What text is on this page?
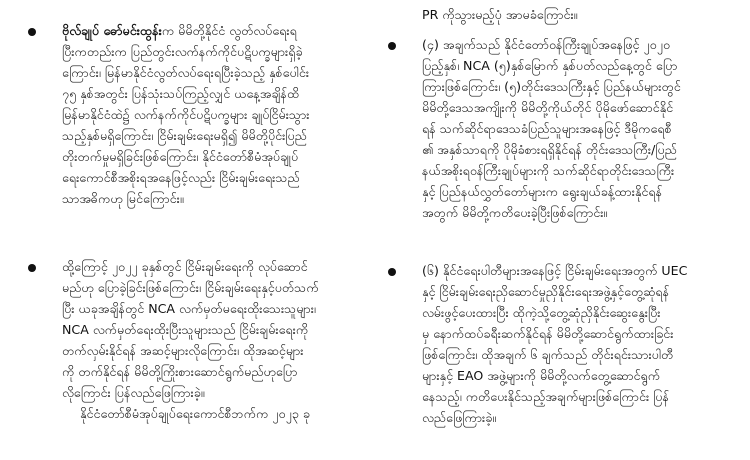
ဗိုလ်ချုပ် ဓော်မင်းထွန်းက မိမိတို့နိုင်ငံ လွတ်လပ်ရေးရ
ပြီးကတည်းက ပြည်တွင်းလက်နက်ကိုင်ပဋိပက္ခများရှိခဲ့
ကြောင်း၊ မြန်မာနိုင်ငံလွတ်လပ်ရေးရပြီးခဲ့သည့် နှစ်ပေါင်း
၇၅ နှစ်အတွင်း ပြန်သုံးသပ်ကြည့်လျှင် ယနေ့အချိန်ထိ
မြန်မာနိုင်ငံထဲ၌ လက်နက်ကိုင်ပဋိပက္ခများ ချုပ်ငြိမ်းသွား
သည့်နှစ်မရှိကြောင်း၊ ငြိမ်းချမ်းရေးမရှိ၍ မိမိတို့ပိုင်းပြည်
တိုးတက်မှုမရှိခြင်းဖြစ်ကြောင်း၊ နိုင်ငံတော်စီမံအုပ်ချုပ်
ရေးကောင်စီအစိုးရအနေဖြင့်လည်း ငြိမ်းချမ်းရေးသည်
သာအဓိကဟု မြင်ကြောင်း။
ထို့ကြောင့် ၂၀၂၂ ခုနှစ်တွင် ငြိမ်းချမ်းရေးကို လုပ်ဆောင်
မည်ဟု ပြောခဲ့ခြင်းဖြစ်ကြောင်း၊ ငြိမ်းချမ်းရေးနှင့်ပတ်သက်
ပြီး ယခုအချိန်တွင် NCA လက်မှတ်မရေးထိုးသေးသူများ၊
NCA လက်မှတ်ရေးထိုးပြီးသူများသည် ငြိမ်းချမ်းရေးကို
တက်လှမ်းနိုင်ရန် အဆင့်များလိုကြောင်း၊ ထိုအဆင့်များ
ကို တက်နိုင်ရန် မိမိတို့ကြိုးစားဆောင်ရွက်မည်ဟုပြော
လိုကြောင်း ပြန်လည်ဖြေကြားခဲ့။
နိုင်ငံတော်စီမံအုပ်ချုပ်ရေးကောင်စီဘက်က ၂၀၂၃ ခု
PR ကိုသွားမည့်ပုံ အာမခံကြောင်း။
(၄) အချက်သည် နိုင်ငံတော်ဝန်ကြီးချုပ်အနေဖြင့် ၂၀၂၀
ပြည့်နှစ်၊ NCA (၅)နှစ်မြောက် နှစ်ပတ်လည်နေ့တွင် ပြော
ကြားဖြစ်ကြောင်း၊ (၅)တိုင်းဒေသကြီးနှင့် ပြည်နယ်များတွင်
မိမိတို့ဒေသအကျိုးကို မိမိတို့ကိုယ်တိုင် ပိုမိုဖော်ဆောင်နိုင်
ရန် သက်ဆိုင်ရာဒေသခံပြည်သူများအနေဖြင့် ဒီမိုကရေစီ
၏ အနှစ်သာရကို ပိုမိုခံစားရရှိနိုင်ရန် တိုင်းဒေသကြီး/ပြည်
နယ်အစိုးရဝန်ကြီးချုပ်များကို သက်ဆိုင်ရာတိုင်းဒေသကြီး
နှင့် ပြည်နယ်လွှတ်တော်များက ရွေးချယ်ခန့်ထားနိုင်ရန်
အတွက် မိမိတို့ကတိပေးခဲ့ပြီးဖြစ်ကြောင်း။
(၆) နိုင်ငံရေးပါတီများအနေဖြင့် ငြိမ်းချမ်းရေးအတွက် UEC
နှင့် ငြိမ်းချမ်းရေးညှိဆောင်မှုညှိနိုင်းရေးအဖွဲ့နှင့်တွေ့ဆုံရန်
လမ်းဖွင့်ပေးထားပြီး ထိုကဲ့သို့တွေ့ဆုံညှိနိုင်းဆွေးနွေးပြီး
မှ နောက်ထပ်ခရီးဆက်နိုင်ရန် မိမိတို့ဆောင်ရွက်ထားခြင်း
ဖြစ်ကြောင်း၊ ထိုအချက် ၆ ချက်သည် တိုင်းရင်းသားပါတီ
များနှင့် EAO အဖွဲ့များကို မိမိတို့လက်တွေ့ဆောင်ရွက်
နေသည့်၊ ကတိပေးနိုင်သည့်အချက်များဖြစ်ကြောင်း ပြန်
လည်ဖြေကြားခဲ့။
